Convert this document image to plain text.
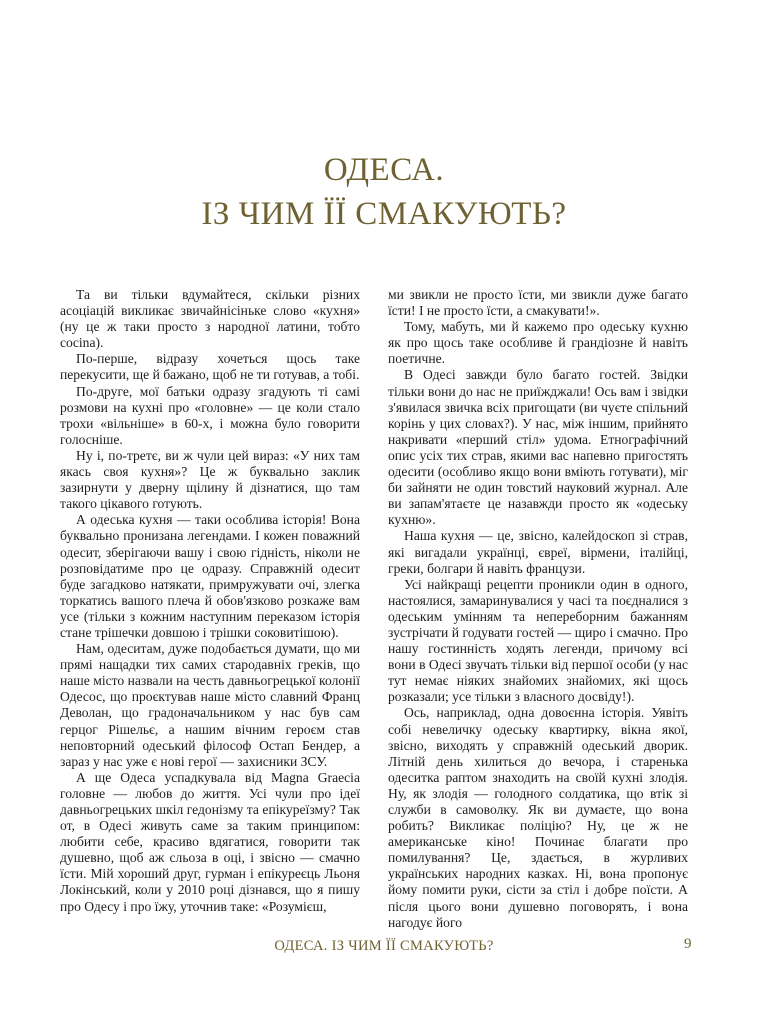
ОДЕСА.
ІЗ ЧИМ ЇЇ СМАКУЮТЬ?

Та ви тільки вдумайтеся, скільки різних асоціацій викликає звичайнісіньке слово «кухня» (ну це ж таки просто з народної латини, тобто cocina).

По-перше, відразу хочеться щось таке перекусити, ще й бажано, щоб не ти готував, а тобі.

По-друге, мої батьки одразу згадують ті самі розмови на кухні про «головне» — це коли стало трохи «вільніше» в 60-х, і можна було говорити голосніше.

Ну і, по-третє, ви ж чули цей вираз: «У них там якась своя кухня»? Це ж буквально заклик зазирнути у дверну щілину й дізнатися, що там такого цікавого готують.

А одеська кухня — таки особлива історія! Вона буквально пронизана легендами. І кожен поважний одесит, зберігаючи вашу і свою гідність, ніколи не розповідатиме про це одразу. Справжній одесит буде загадково натякати, примружувати очі, злегка торкатись вашого плеча й обов'язково розкаже вам усе (тільки з кожним наступним переказом історія стане трішечки довшою і трішки соковитішою).

Нам, одеситам, дуже подобається думати, що ми прямі нащадки тих самих стародавніх греків, що наше місто назвали на честь давньогрецької колонії Одесос, що проєктував наше місто славний Франц Деволан, що градоначальником у нас був сам герцог Рішельє, а нашим вічним героєм став неповторний одеський філософ Остап Бендер, а зараз у нас уже є нові герої — захисники ЗСУ.

А ще Одеса успадкувала від Magna Graecia головне — любов до життя. Усі чули про ідеї давньогрецьких шкіл гедонізму та епікуреїзму? Так от, в Одесі живуть саме за таким принципом: любити себе, красиво вдягатися, говорити так душевно, щоб аж сльоза в оці, і звісно — смачно їсти. Мій хороший друг, гурман і епікуреєць Льоня Локінський, коли у 2010 році дізнався, що я пишу про Одесу і про їжу, уточнив таке: «Розумієш,

ми звикли не просто їсти, ми звикли дуже багато їсти! І не просто їсти, а смакувати!».

Тому, мабуть, ми й кажемо про одеську кухню як про щось таке особливе й грандіозне й навіть поетичне.

В Одесі завжди було багато гостей. Звідки тільки вони до нас не приїжджали! Ось вам і звідки з'явилася звичка всіх пригощати (ви чуєте спільний корінь у цих словах?). У нас, між іншим, прийнято накривати «перший стіл» удома. Етнографічний опис усіх тих страв, якими вас напевно пригостять одесити (особливо якщо вони вміють готувати), міг би зайняти не один товстий науковий журнал. Але ви запам'ятаєте це назавжди просто як «одеську кухню».

Наша кухня — це, звісно, калейдоскоп зі страв, які вигадали українці, євреї, вірмени, італійці, греки, болгари й навіть французи.

Усі найкращі рецепти проникли один в одного, настоялися, замаринувалися у часі та поєдналися з одеським умінням та непереборним бажанням зустрічати й годувати гостей — щиро і смачно. Про нашу гостинність ходять легенди, причому всі вони в Одесі звучать тільки від першої особи (у нас тут немає ніяких знайомих знайомих, які щось розказали; усе тільки з власного досвіду!).

Ось, наприклад, одна довоєнна історія. Уявіть собі невеличку одеську квартирку, вікна якої, звісно, виходять у справжній одеський дворик. Літній день хилиться до вечора, і старенька одеситка раптом знаходить на своїй кухні злодія. Ну, як злодія — голодного солдатика, що втік зі служби в самоволку. Як ви думаєте, що вона робить? Викликає поліцію? Ну, це ж не американське кіно! Починає благати про помилування? Це, здається, в журливих українських народних казках. Ні, вона пропонує йому помити руки, сісти за стіл і добре поїсти. А після цього вони душевно поговорять, і вона нагодує його

ОДЕСА. ІЗ ЧИМ ЇЇ СМАКУЮТЬ?	9
